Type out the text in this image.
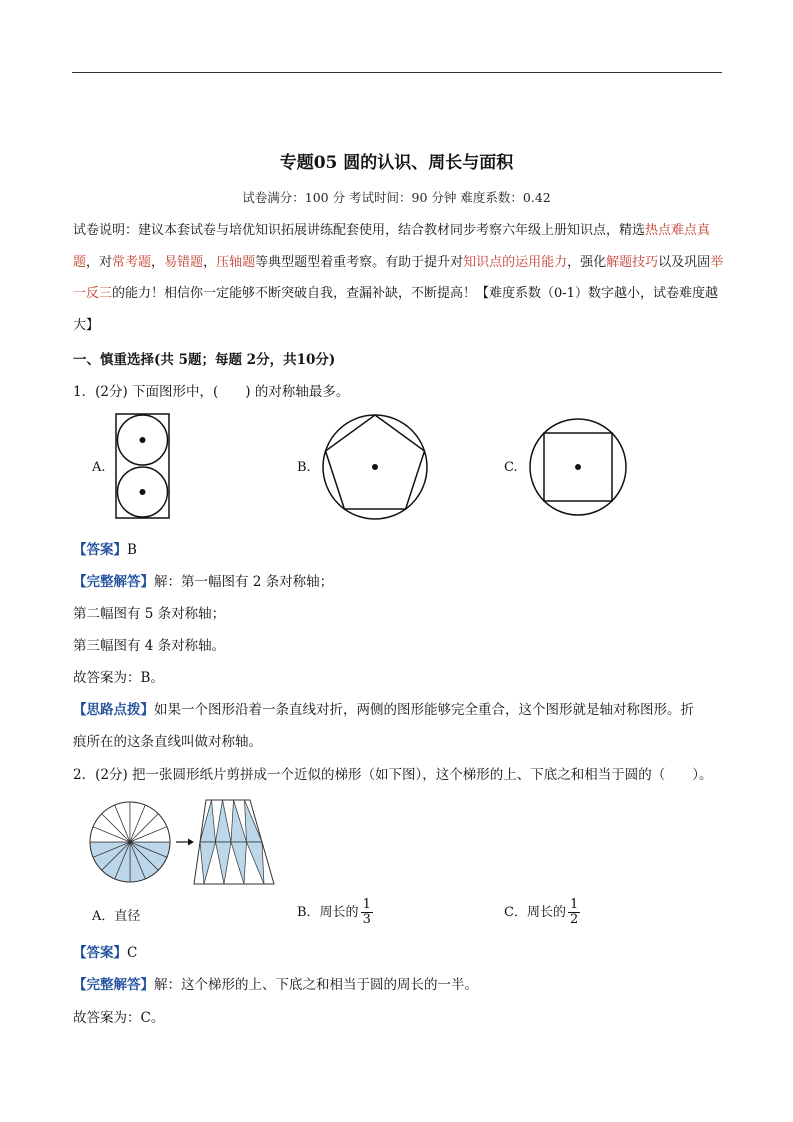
专题05 圆的认识、周长与面积
试卷满分：100 分 考试时间：90 分钟 难度系数：0.42
试卷说明：建议本套试卷与培优知识拓展讲练配套使用，结合教材同步考察六年级上册知识点，精选热点难点真题，对常考题，易错题，压轴题等典型题型着重考察。有助于提升对知识点的运用能力，强化解题技巧以及巩固举一反三的能力！相信你一定能够不断突破自我，查漏补缺，不断提高！【难度系数（0-1）数字越小，试卷难度越大】
一、慎重选择(共 5题；每题 2分，共10分)
1．(2分) 下面图形中，(　　) 的对称轴最多。
A.	B.	C.
【答案】B
【完整解答】解：第一幅图有 2 条对称轴；
第二幅图有 5 条对称轴；
第三幅图有 4 条对称轴。
故答案为：B。
【思路点拨】如果一个图形沿着一条直线对折，两侧的图形能够完全重合，这个图形就是轴对称图形。折
痕所在的这条直线叫做对称轴。
2．(2分) 把一张圆形纸片剪拼成一个近似的梯形（如下图），这个梯形的上、下底之和相当于圆的（　　）。
A．直径	B．周长的 $\frac{1}{3}$	C．周长的 $\frac{1}{2}$
【答案】C
【完整解答】解：这个梯形的上、下底之和相当于圆的周长的一半。
故答案为：C。
